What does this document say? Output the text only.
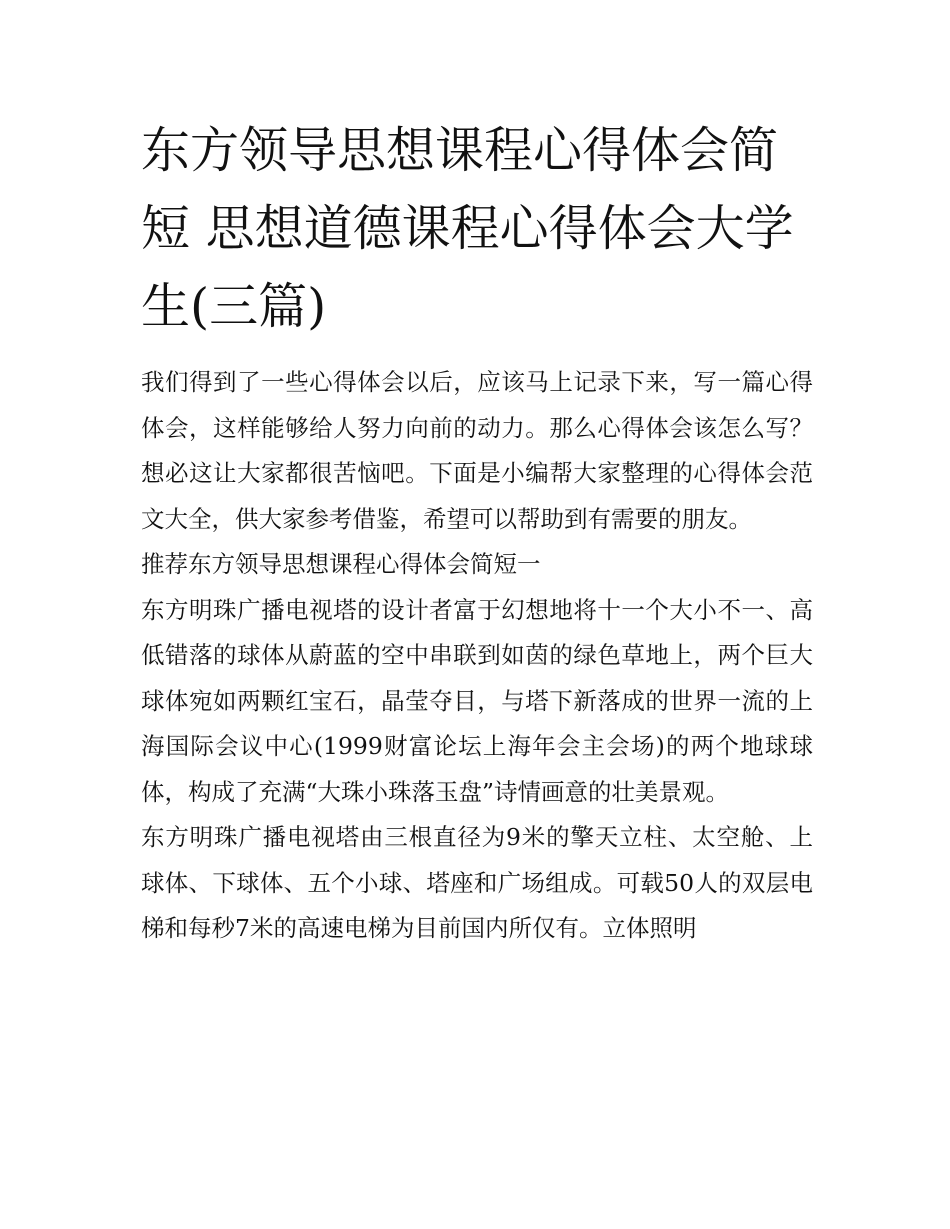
东方领导思想课程心得体会简短 思想道德课程心得体会大学生(三篇)

我们得到了一些心得体会以后，应该马上记录下来，写一篇心得体会，这样能够给人努力向前的动力。那么心得体会该怎么写？想必这让大家都很苦恼吧。下面是小编帮大家整理的心得体会范文大全，供大家参考借鉴，希望可以帮助到有需要的朋友。

推荐东方领导思想课程心得体会简短一

东方明珠广播电视塔的设计者富于幻想地将十一个大小不一、高低错落的球体从蔚蓝的空中串联到如茵的绿色草地上，两个巨大球体宛如两颗红宝石，晶莹夺目，与塔下新落成的世界一流的上海国际会议中心(1999财富论坛上海年会主会场)的两个地球球体，构成了充满“大珠小珠落玉盘”诗情画意的壮美景观。

东方明珠广播电视塔由三根直径为9米的擎天立柱、太空舱、上球体、下球体、五个小球、塔座和广场组成。可载50人的双层电梯和每秒7米的高速电梯为目前国内所仅有。立体照明
